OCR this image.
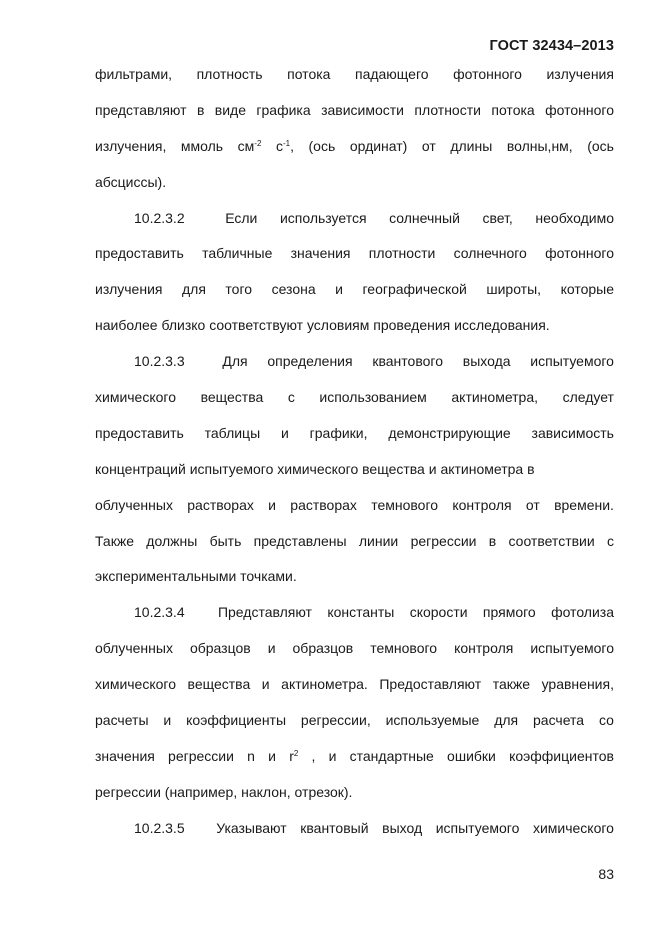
ГОСТ 32434–2013
фильтрами, плотность потока падающего фотонного излучения
представляют в виде графика зависимости плотности потока фотонного
излучения, ммоль $см^{-2}$ $с^{-1}$, (ось ординат) от длины волны,нм, (ось
абсциссы).
10.2.3.2	Если используется солнечный свет, необходимо
предоставить табличные значения плотности солнечного фотонного
излучения для того сезона и географической широты, которые
наиболее близко соответствуют условиям проведения исследования.
10.2.3.3	Для определения квантового выхода испытуемого
химического вещества с использованием актинометра, следует
предоставить таблицы и графики, демонстрирующие зависимость
концентраций испытуемого химического вещества и актинометра в
облученных растворах и растворах темнового контроля от времени.
Также должны быть представлены линии регрессии в соответствии с
экспериментальными точками.
10.2.3.4 Представляют константы скорости прямого фотолиза
облученных образцов и образцов темнового контроля испытуемого
химического вещества и актинометра. Предоставляют также уравнения,
расчеты и коэффициенты регрессии, используемые для расчета со
значения регрессии n и $r^2$ , и стандартные ошибки коэффициентов
регрессии (например, наклон, отрезок).
10.2.3.5 Указывают квантовый выход испытуемого химического
83
